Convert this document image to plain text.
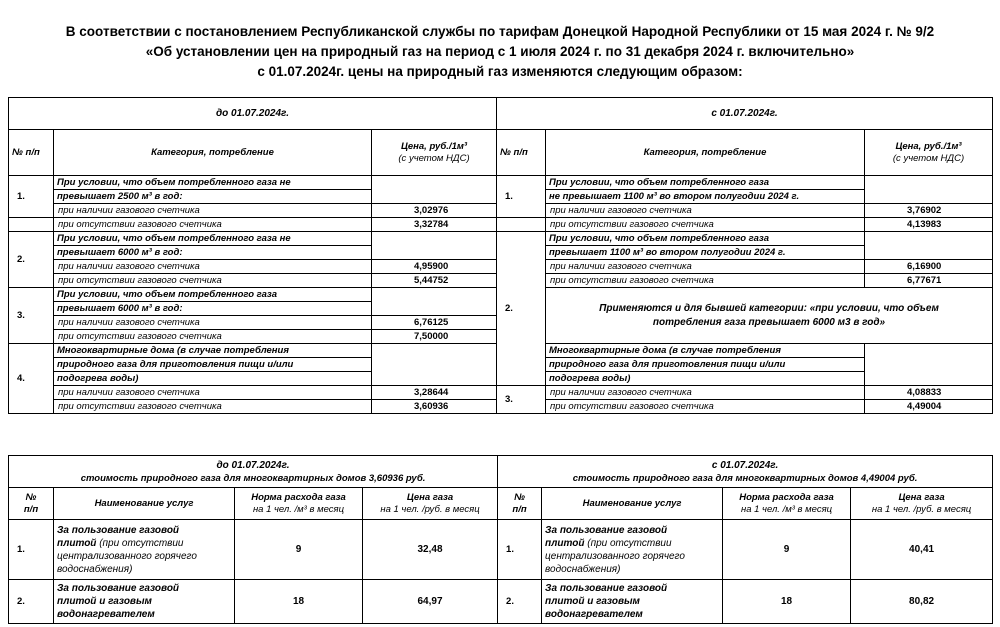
В соответствии с постановлением Республиканской службы по тарифам Донецкой Народной Республики от 15 мая 2024 г. № 9/2
«Об установлении цен на природный газ на период с 1 июля 2024 г. по 31 декабря 2024 г. включительно»
с 01.07.2024г. цены на природный газ изменяются следующим образом:
до 01.07.2024г.			с 01.07.2024г.		
№ п/п	Категория, потребление	Цена, руб./1м³
(с учетом НДС)	№ п/п	Категория, потребление	Цена, руб./1м³
(с учетом НДС)
1.	При условии, что объем потребленного газа не		1.	При условии, что объем потребленного газа	
	превышает 2500 м³ в год:			не превышает 1100 м³ во втором полугодии 2024 г.	
	при наличии газового счетчика	3,02976		при наличии газового счетчика	3,76902
	при отсутствии газового счетчика	3,32784		при отсутствии газового счетчика	4,13983
2.	При условии, что объем потребленного газа не		2.	При условии, что объем потребленного газа	
	превышает 6000 м³ в год:			превышает 1100 м³ во втором полугодии 2024 г.	
	при наличии газового счетчика	4,95900		при наличии газового счетчика	6,16900
	при отсутствии газового счетчика	5,44752		при отсутствии газового счетчика	6,77671
3.	При условии, что объем потребленного газа			Применяются и для бывшей категории: «при условии, что объем
потребления газа превышает 6000 м3 в год»	
	превышает 6000 м³ в год:				
	при наличии газового счетчика	6,76125			
	при отсутствии газового счетчика	7,50000			
4.	Многоквартирные дома (в случае потребления			Многоквартирные дома (в случае потребления	
	природного газа для приготовления пищи и/или			природного газа для приготовления пищи и/или	
	подогрева воды)			подогрева воды)	
	при наличии газового счетчика	3,28644	3.	при наличии газового счетчика	4,08833
	при отсутствии газового счетчика	3,60936		при отсутствии газового счетчика	4,49004
до 01.07.2024г.
стоимость природного газа для многоквартирных домов 3,60936 руб.				с 01.07.2024г.
стоимость природного газа для многоквартирных домов 4,49004 руб.			
№
п/п	Наименование услуг	Норма расхода газа
на 1 чел. /м³ в месяц	Цена газа
на 1 чел. /руб. в месяц	№
п/п	Наименование услуг	Норма расхода газа
на 1 чел. /м³ в месяц	Цена газа
на 1 чел. /руб. в месяц
1.	За пользование газовой
плитой (при отсутствии
централизованного горячего
водоснабжения)	9	32,48	1.	За пользование газовой
плитой (при отсутствии
централизованного горячего
водоснабжения)	9	40,41
2.	За пользование газовой
плитой и газовым
водонагревателем	18	64,97	2.	За пользование газовой
плитой и газовым
водонагревателем	18	80,82
